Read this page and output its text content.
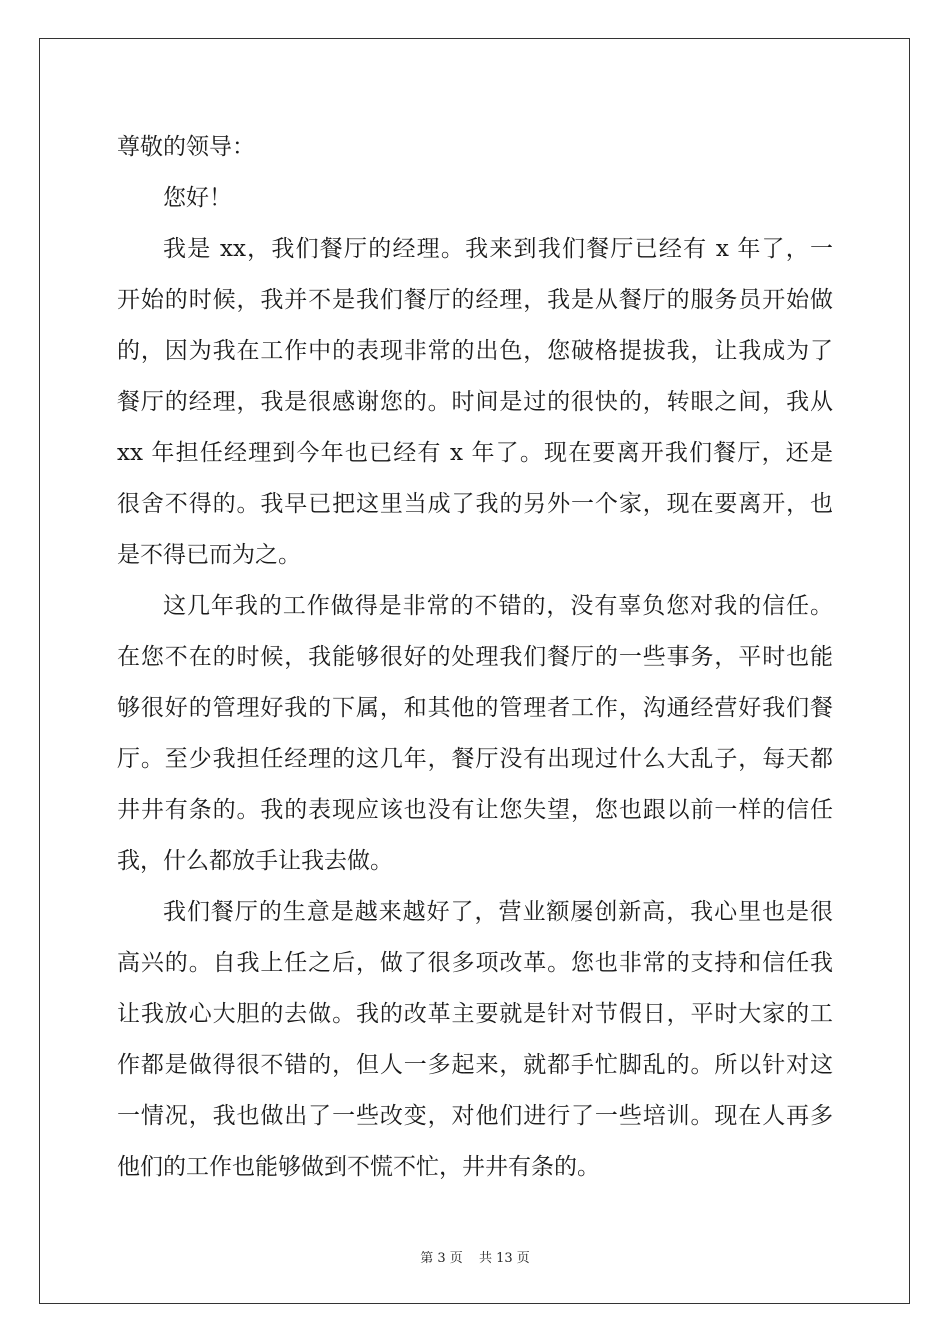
尊敬的领导：
您好！
我是 xx，我们餐厅的经理。我来到我们餐厅已经有 x 年了，一
开始的时候，我并不是我们餐厅的经理，我是从餐厅的服务员开始做
的，因为我在工作中的表现非常的出色，您破格提拔我，让我成为了
餐厅的经理，我是很感谢您的。时间是过的很快的，转眼之间，我从
xx 年担任经理到今年也已经有 x 年了。现在要离开我们餐厅，还是
很舍不得的。我早已把这里当成了我的另外一个家，现在要离开，也
是不得已而为之。
这几年我的工作做得是非常的不错的，没有辜负您对我的信任。
在您不在的时候，我能够很好的处理我们餐厅的一些事务，平时也能
够很好的管理好我的下属，和其他的管理者工作，沟通经营好我们餐
厅。至少我担任经理的这几年，餐厅没有出现过什么大乱子，每天都
井井有条的。我的表现应该也没有让您失望，您也跟以前一样的信任
我，什么都放手让我去做。
我们餐厅的生意是越来越好了，营业额屡创新高，我心里也是很
高兴的。自我上任之后，做了很多项改革。您也非常的支持和信任我
让我放心大胆的去做。我的改革主要就是针对节假日，平时大家的工
作都是做得很不错的，但人一多起来，就都手忙脚乱的。所以针对这
一情况，我也做出了一些改变，对他们进行了一些培训。现在人再多
他们的工作也能够做到不慌不忙，井井有条的。
第 3 页 共 13 页
